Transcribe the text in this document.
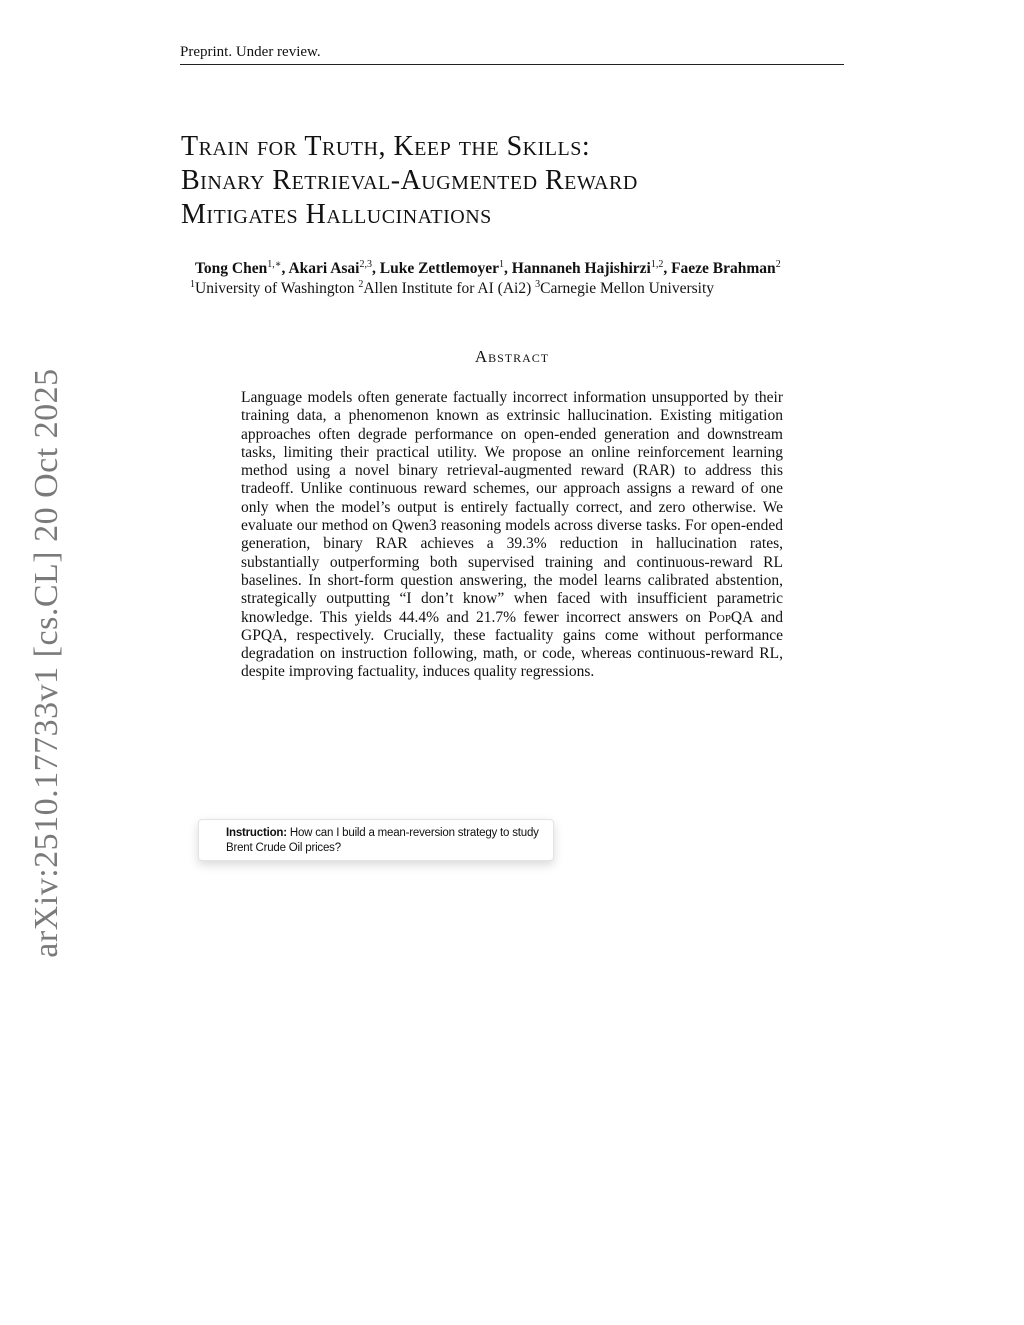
Preprint. Under review.
Train for Truth, Keep the Skills:
Binary Retrieval-Augmented Reward
Mitigates Hallucinations
Tong Chen$^{1,∗}$, Akari Asai$^{2,3}$, Luke Zettlemoyer$^1$, Hannaneh Hajishirzi$^{1,2}$, Faeze Brahman$^2$
$^1$University of Washington $^2$Allen Institute for AI (Ai2) $^3$Carnegie Mellon University
Abstract

Language models often generate factually incorrect information unsupported by their training data, a phenomenon known as extrinsic hallucination. Existing mitigation approaches often degrade performance on open-ended generation and downstream tasks, limiting their practical utility. We propose an online reinforcement learning method using a novel binary retrieval-augmented reward (RAR) to address this tradeoff. Unlike continuous reward schemes, our approach assigns a reward of one only when the model’s output is entirely factually correct, and zero otherwise. We evaluate our method on Qwen3 reasoning models across diverse tasks. For open-ended generation, binary RAR achieves a 39.3% reduction in hallucination rates, substantially outperforming both supervised training and continuous-reward RL baselines. In short-form question answering, the model learns calibrated abstention, strategically outputting “I don’t know” when faced with insufficient parametric knowledge. This yields 44.4% and 21.7% fewer incorrect answers on PopQA and GPQA, respectively. Crucially, these factuality gains come without performance degradation on instruction following, math, or code, whereas continuous-reward RL, despite improving factuality, induces quality regressions.

arXiv:2510.17733v1 [cs.CL] 20 Oct 2025	Instruction: How can I build a mean-reversion strategy to study Brent Crude Oil prices?
